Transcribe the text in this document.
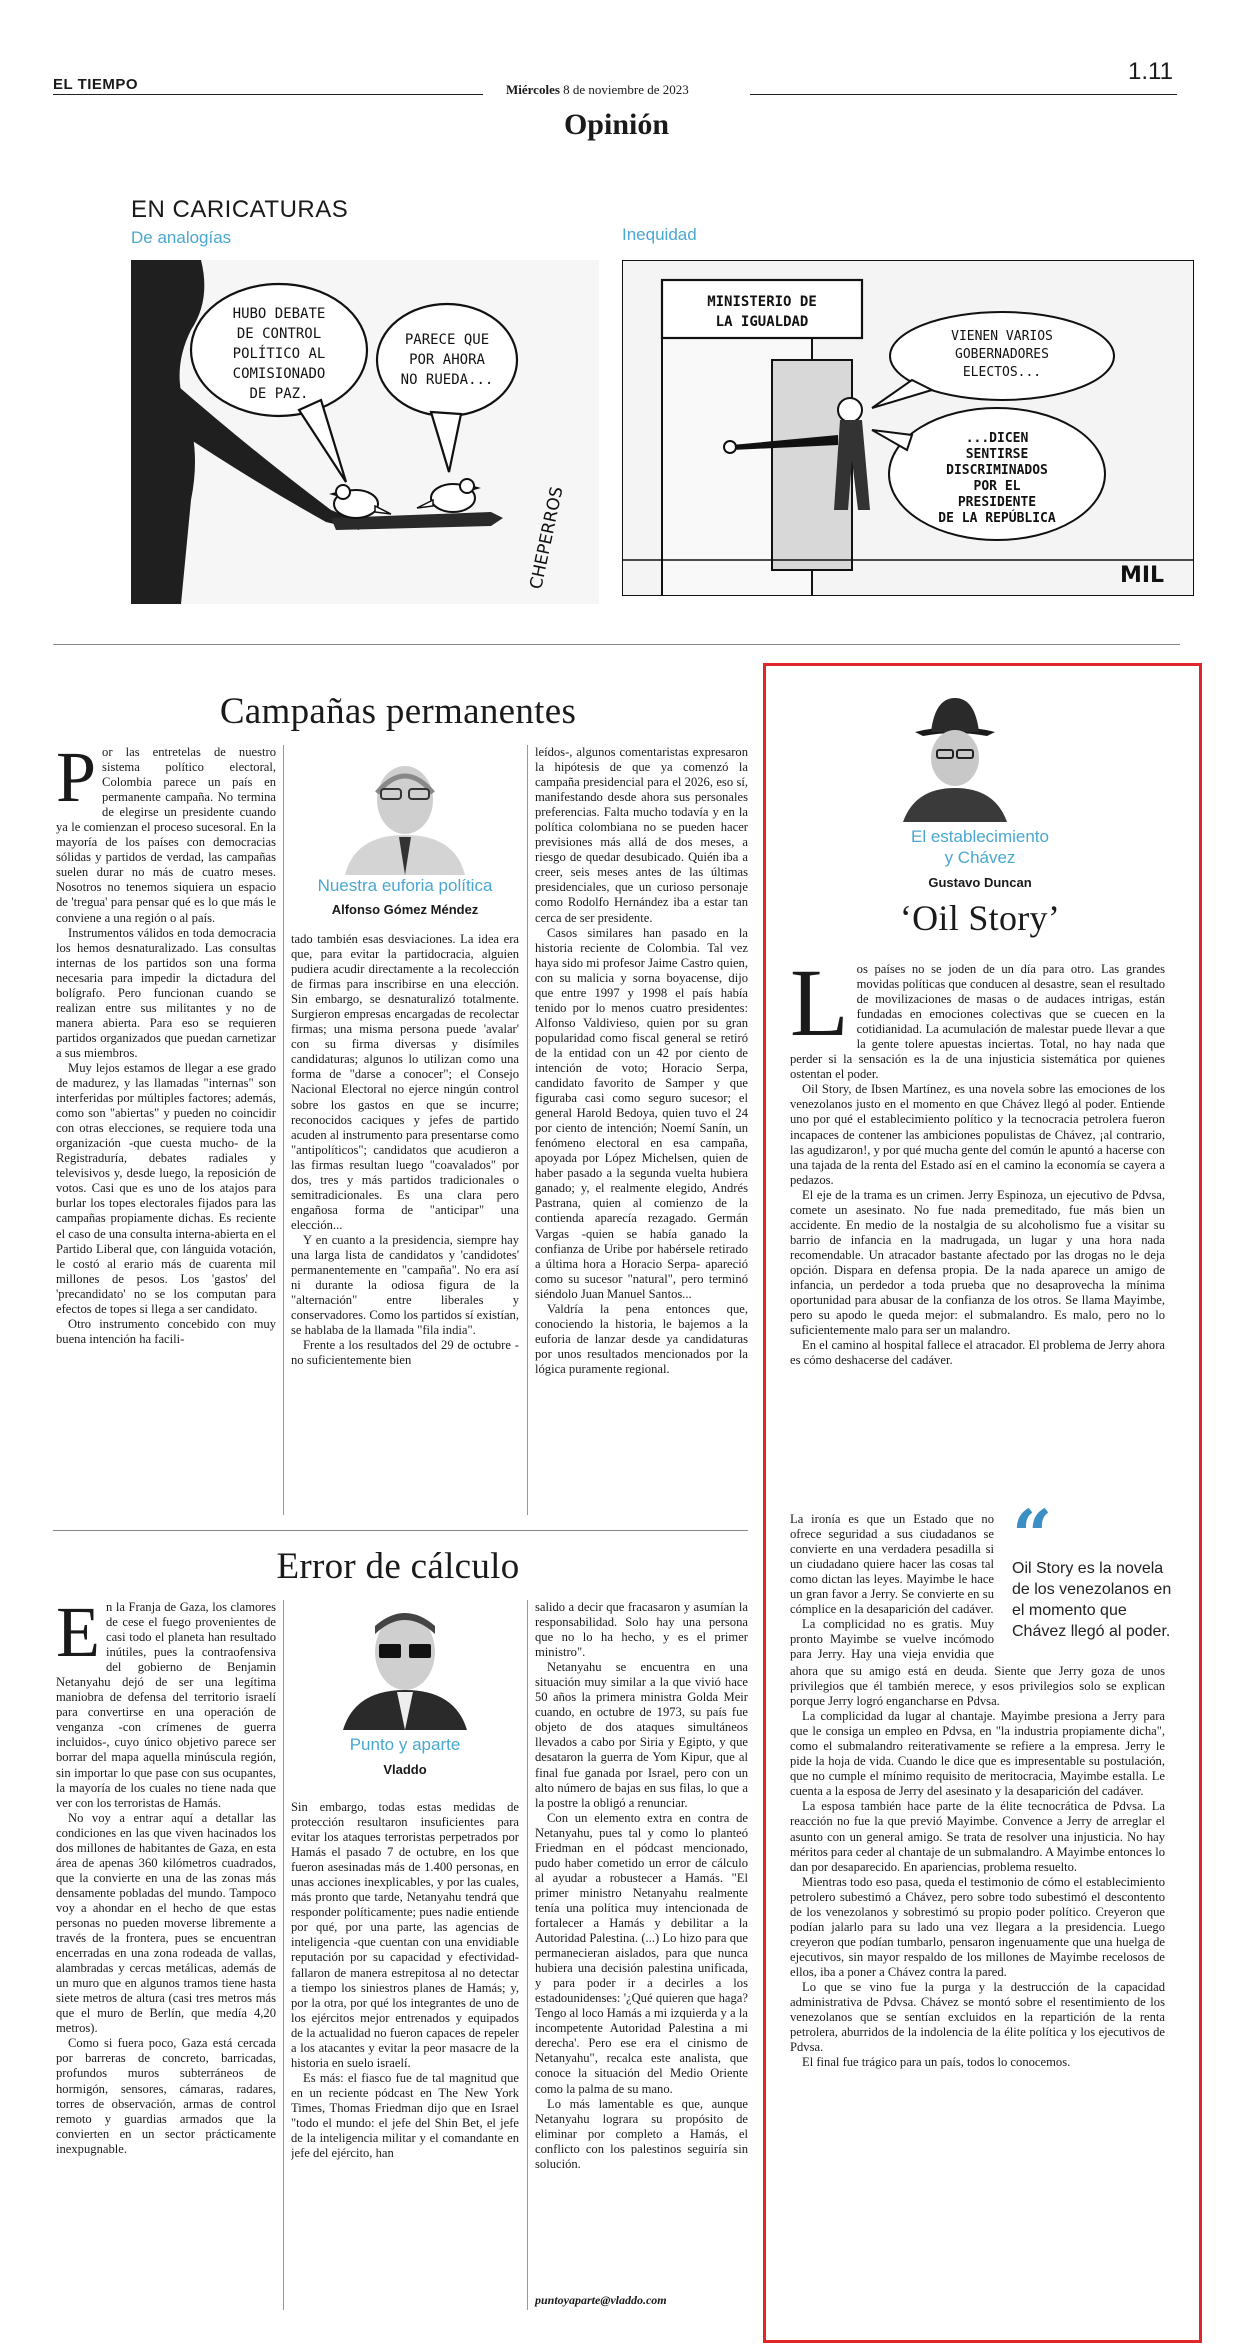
EL TIEMPO	Miércoles 8 de noviembre de 2023
1.11
Opinión
EN CARICATURAS
De analogías	Inequidad
HUBO DEBATE
DE CONTROL
POLÍTICO AL
COMISIONADO
DE PAZ.
PARECE QUE
POR AHORA
NO RUEDA...
CHEPERROS
MINISTERIO DE
LA IGUALDAD
VIENEN VARIOS
GOBERNADORES
ELECTOS...
...DICEN
SENTIRSE
DISCRIMINADOS
POR EL
PRESIDENTE
DE LA REPÚBLICA
MIL
Campañas permanentes

Por las entretelas de nuestro sistema político electoral, Colombia parece un país en permanente campaña. No termina de elegirse un presidente cuando ya le comienzan el proceso sucesoral. En la mayoría de los países con democracias sólidas y partidos de verdad, las campañas suelen durar no más de cuatro meses. Nosotros no tenemos siquiera un espacio de 'tregua' para pensar qué es lo que más le conviene a una región o al país.

Instrumentos válidos en toda democracia los hemos desnaturalizado. Las consultas internas de los partidos son una forma necesaria para impedir la dictadura del bolígrafo. Pero funcionan cuando se realizan entre sus militantes y no de manera abierta. Para eso se requieren partidos organizados que puedan carnetizar a sus miembros.

Muy lejos estamos de llegar a ese grado de madurez, y las llamadas "internas" son interferidas por múltiples factores; además, como son "abiertas" y pueden no coincidir con otras elecciones, se requiere toda una organización -que cuesta mucho- de la Registraduría, debates radiales y televisivos y, desde luego, la reposición de votos. Casi que es uno de los atajos para burlar los topes electorales fijados para las campañas propiamente dichas. Es reciente el caso de una consulta interna-abierta en el Partido Liberal que, con lánguida votación, le costó al erario más de cuarenta mil millones de pesos. Los 'gastos' del 'precandidato' no se los computan para efectos de topes si llega a ser candidato.

Otro instrumento concebido con muy buena intención ha facili-

Nuestra euforia política
Alfonso Gómez Méndez

tado también esas desviaciones. La idea era que, para evitar la partidocracia, alguien pudiera acudir directamente a la recolección de firmas para inscribirse en una elección. Sin embargo, se desnaturalizó totalmente. Surgieron empresas encargadas de recolectar firmas; una misma persona puede 'avalar' con su firma diversas y disímiles candidaturas; algunos lo utilizan como una forma de "darse a conocer"; el Consejo Nacional Electoral no ejerce ningún control sobre los gastos en que se incurre; reconocidos caciques y jefes de partido acuden al instrumento para presentarse como "antipolíticos"; candidatos que acudieron a las firmas resultan luego "coavalados" por dos, tres y más partidos tradicionales o semitradicionales. Es una clara pero engañosa forma de "anticipar" una elección...

Y en cuanto a la presidencia, siempre hay una larga lista de candidatos y 'candidotes' permanentemente en "campaña". No era así ni durante la odiosa figura de la "alternación" entre liberales y conservadores. Como los partidos sí existían, se hablaba de la llamada "fila india".

Frente a los resultados del 29 de octubre -no suficientemente bien

leídos-, algunos comentaristas expresaron la hipótesis de que ya comenzó la campaña presidencial para el 2026, eso sí, manifestando desde ahora sus personales preferencias. Falta mucho todavía y en la política colombiana no se pueden hacer previsiones más allá de dos meses, a riesgo de quedar desubicado. Quién iba a creer, seis meses antes de las últimas presidenciales, que un curioso personaje como Rodolfo Hernández iba a estar tan cerca de ser presidente.

Casos similares han pasado en la historia reciente de Colombia. Tal vez haya sido mi profesor Jaime Castro quien, con su malicia y sorna boyacense, dijo que entre 1997 y 1998 el país había tenido por lo menos cuatro presidentes: Alfonso Valdivieso, quien por su gran popularidad como fiscal general se retiró de la entidad con un 42 por ciento de intención de voto; Horacio Serpa, candidato favorito de Samper y que figuraba casi como seguro sucesor; el general Harold Bedoya, quien tuvo el 24 por ciento de intención; Noemí Sanín, un fenómeno electoral en esa campaña, apoyada por López Michelsen, quien de haber pasado a la segunda vuelta hubiera ganado; y, el realmente elegido, Andrés Pastrana, quien al comienzo de la contienda aparecía rezagado. Germán Vargas -quien se había ganado la confianza de Uribe por habérsele retirado a última hora a Horacio Serpa- apareció como su sucesor "natural", pero terminó siéndolo Juan Manuel Santos...

Valdría la pena entonces que, conociendo la historia, le bajemos a la euforia de lanzar desde ya candidaturas por unos resultados mencionados por la lógica puramente regional.

Error de cálculo

En la Franja de Gaza, los clamores de cese el fuego provenientes de casi todo el planeta han resultado inútiles, pues la contraofensiva del gobierno de Benjamin Netanyahu dejó de ser una legítima maniobra de defensa del territorio israelí para convertirse en una operación de venganza -con crímenes de guerra incluidos-, cuyo único objetivo parece ser borrar del mapa aquella minúscula región, sin importar lo que pase con sus ocupantes, la mayoría de los cuales no tiene nada que ver con los terroristas de Hamás.

No voy a entrar aquí a detallar las condiciones en las que viven hacinados los dos millones de habitantes de Gaza, en esta área de apenas 360 kilómetros cuadrados, que la convierte en una de las zonas más densamente pobladas del mundo. Tampoco voy a ahondar en el hecho de que estas personas no pueden moverse libremente a través de la frontera, pues se encuentran encerradas en una zona rodeada de vallas, alambradas y cercas metálicas, además de un muro que en algunos tramos tiene hasta siete metros de altura (casi tres metros más que el muro de Berlín, que medía 4,20 metros).

Como si fuera poco, Gaza está cercada por barreras de concreto, barricadas, profundos muros subterráneos de hormigón, sensores, cámaras, radares, torres de observación, armas de control remoto y guardias armados que la convierten en un sector prácticamente inexpugnable.

Punto y aparte
Vladdo

Sin embargo, todas estas medidas de protección resultaron insuficientes para evitar los ataques terroristas perpetrados por Hamás el pasado 7 de octubre, en los que fueron asesinadas más de 1.400 personas, en unas acciones inexplicables, y por las cuales, más pronto que tarde, Netanyahu tendrá que responder políticamente; pues nadie entiende por qué, por una parte, las agencias de inteligencia -que cuentan con una envidiable reputación por su capacidad y efectividad- fallaron de manera estrepitosa al no detectar a tiempo los siniestros planes de Hamás; y, por la otra, por qué los integrantes de uno de los ejércitos mejor entrenados y equipados de la actualidad no fueron capaces de repeler a los atacantes y evitar la peor masacre de la historia en suelo israelí.

Es más: el fiasco fue de tal magnitud que en un reciente pódcast en The New York Times, Thomas Friedman dijo que en Israel "todo el mundo: el jefe del Shin Bet, el jefe de la inteligencia militar y el comandante en jefe del ejército, han

salido a decir que fracasaron y asumían la responsabilidad. Solo hay una persona que no lo ha hecho, y es el primer ministro".

Netanyahu se encuentra en una situación muy similar a la que vivió hace 50 años la primera ministra Golda Meir cuando, en octubre de 1973, su país fue objeto de dos ataques simultáneos llevados a cabo por Siria y Egipto, y que desataron la guerra de Yom Kipur, que al final fue ganada por Israel, pero con un alto número de bajas en sus filas, lo que a la postre la obligó a renunciar.

Con un elemento extra en contra de Netanyahu, pues tal y como lo planteó Friedman en el pódcast mencionado, pudo haber cometido un error de cálculo al ayudar a robustecer a Hamás. "El primer ministro Netanyahu realmente tenía una política muy intencionada de fortalecer a Hamás y debilitar a la Autoridad Palestina. (...) Lo hizo para que permanecieran aislados, para que nunca hubiera una decisión palestina unificada, y para poder ir a decirles a los estadounidenses: '¿Qué quieren que haga? Tengo al loco Hamás a mi izquierda y a la incompetente Autoridad Palestina a mi derecha'. Pero ese era el cinismo de Netanyahu", recalca este analista, que conoce la situación del Medio Oriente como la palma de su mano.

Lo más lamentable es que, aunque Netanyahu lograra su propósito de eliminar por completo a Hamás, el conflicto con los palestinos seguiría sin solución.

puntoyaparte@vladdo.com
El establecimiento
y Chávez
Gustavo Duncan
‘Oil Story’

Los países no se joden de un día para otro. Las grandes movidas políticas que conducen al desastre, sean el resultado de movilizaciones de masas o de audaces intrigas, están fundadas en emociones colectivas que se cuecen en la cotidianidad. La acumulación de malestar puede llevar a que la gente tolere apuestas inciertas. Total, no hay nada que perder si la sensación es la de una injusticia sistemática por quienes ostentan el poder.

Oil Story, de Ibsen Martínez, es una novela sobre las emociones de los venezolanos justo en el momento en que Chávez llegó al poder. Entiende uno por qué el establecimiento político y la tecnocracia petrolera fueron incapaces de contener las ambiciones populistas de Chávez, ¡al contrario, las agudizaron!, y por qué mucha gente del común le apuntó a hacerse con una tajada de la renta del Estado así en el camino la economía se cayera a pedazos.

El eje de la trama es un crimen. Jerry Espinoza, un ejecutivo de Pdvsa, comete un asesinato. No fue nada premeditado, fue más bien un accidente. En medio de la nostalgia de su alcoholismo fue a visitar su barrio de infancia en la madrugada, un lugar y una hora nada recomendable. Un atracador bastante afectado por las drogas no le deja opción. Dispara en defensa propia. De la nada aparece un amigo de infancia, un perdedor a toda prueba que no desaprovecha la mínima oportunidad para abusar de la confianza de los otros. Se llama Mayimbe, pero su apodo le queda mejor: el submalandro. Es malo, pero no lo suficientemente malo para ser un malandro.

En el camino al hospital fallece el atracador. El problema de Jerry ahora es cómo deshacerse del cadáver.

La ironía es que un Estado que no ofrece seguridad a sus ciudadanos se convierte en una verdadera pesadilla si un ciudadano quiere hacer las cosas tal como dictan las leyes. Mayimbe le hace un gran favor a Jerry. Se convierte en su cómplice en la desaparición del cadáver.

La complicidad no es gratis. Muy pronto Mayimbe se vuelve incómodo para Jerry. Hay una vieja envidia que

“
Oil Story es la novela de los venezolanos en el momento que Chávez llegó al poder.

ahora que su amigo está en deuda. Siente que Jerry goza de unos privilegios que él también merece, y esos privilegios solo se explican porque Jerry logró engancharse en Pdvsa.

La complicidad da lugar al chantaje. Mayimbe presiona a Jerry para que le consiga un empleo en Pdvsa, en "la industria propiamente dicha", como el submalandro reiterativamente se refiere a la empresa. Jerry le pide la hoja de vida. Cuando le dice que es impresentable su postulación, que no cumple el mínimo requisito de meritocracia, Mayimbe estalla. Le cuenta a la esposa de Jerry del asesinato y la desaparición del cadáver.

La esposa también hace parte de la élite tecnocrática de Pdvsa. La reacción no fue la que previó Mayimbe. Convence a Jerry de arreglar el asunto con un general amigo. Se trata de resolver una injusticia. No hay méritos para ceder al chantaje de un submalandro. A Mayimbe entonces lo dan por desaparecido. En apariencias, problema resuelto.

Mientras todo eso pasa, queda el testimonio de cómo el establecimiento petrolero subestimó a Chávez, pero sobre todo subestimó el descontento de los venezolanos y sobrestimó su propio poder político. Creyeron que podían jalarlo para su lado una vez llegara a la presidencia. Luego creyeron que podían tumbarlo, pensaron ingenuamente que una huelga de ejecutivos, sin mayor respaldo de los millones de Mayimbe recelosos de ellos, iba a poner a Chávez contra la pared.

Lo que se vino fue la purga y la destrucción de la capacidad administrativa de Pdvsa. Chávez se montó sobre el resentimiento de los venezolanos que se sentían excluidos en la repartición de la renta petrolera, aburridos de la indolencia de la élite política y los ejecutivos de Pdvsa.

El final fue trágico para un país, todos lo conocemos.
